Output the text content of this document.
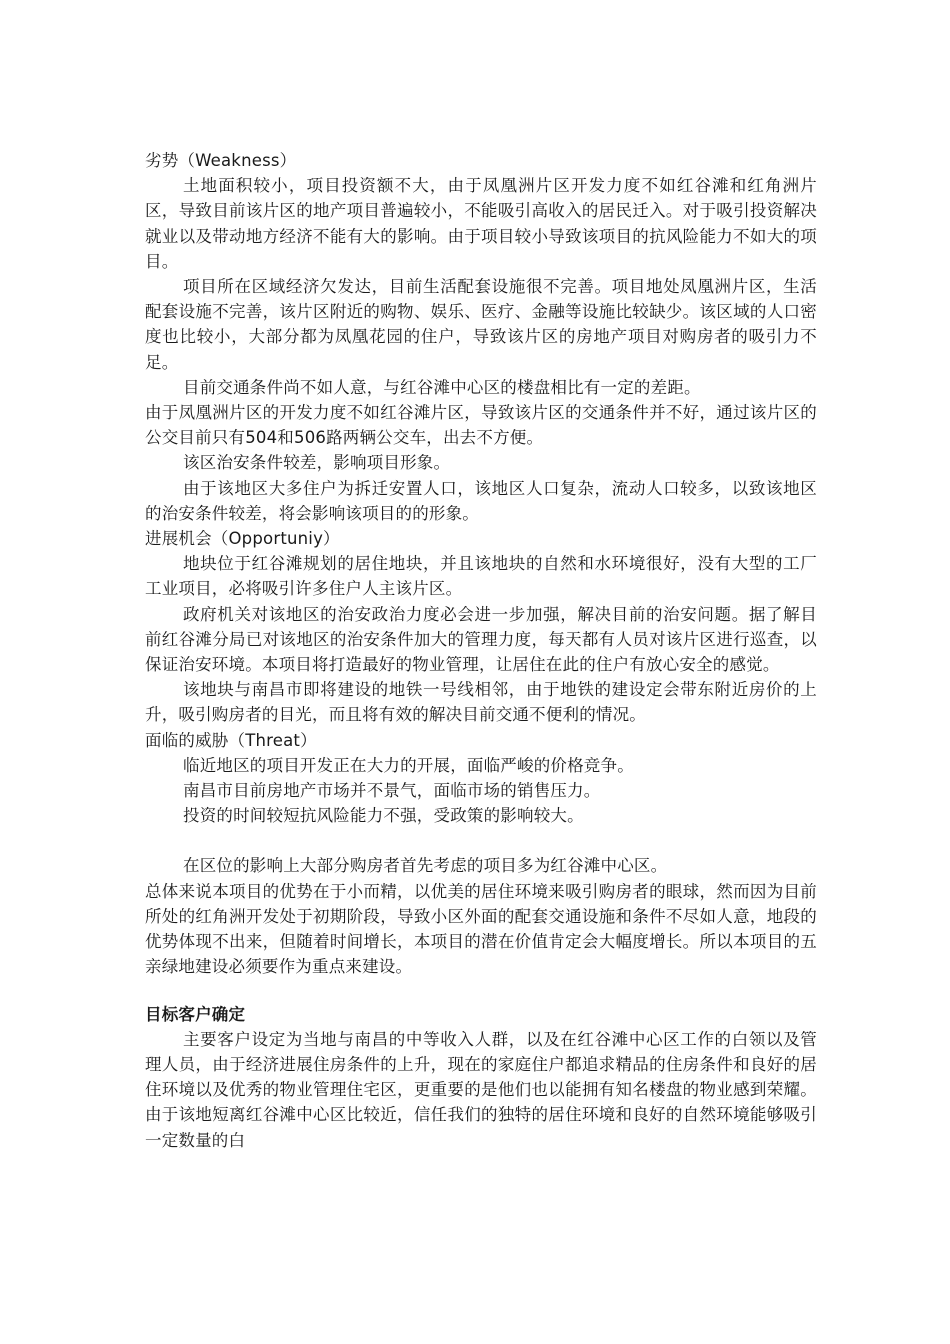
劣势（Weakness）

土地面积较小，项目投资额不大，由于凤凰洲片区开发力度不如红谷滩和红角洲片区，导致目前该片区的地产项目普遍较小，不能吸引高收入的居民迁入。对于吸引投资解决就业以及带动地方经济不能有大的影响。由于项目较小导致该项目的抗风险能力不如大的项目。

项目所在区域经济欠发达，目前生活配套设施很不完善。项目地处凤凰洲片区，生活配套设施不完善，该片区附近的购物、娱乐、医疗、金融等设施比较缺少。该区域的人口密度也比较小，大部分都为凤凰花园的住户，导致该片区的房地产项目对购房者的吸引力不足。

目前交通条件尚不如人意，与红谷滩中心区的楼盘相比有一定的差距。

由于凤凰洲片区的开发力度不如红谷滩片区，导致该片区的交通条件并不好，通过该片区的公交目前只有504和506路两辆公交车，出去不方便。

该区治安条件较差，影响项目形象。

由于该地区大多住户为拆迁安置人口，该地区人口复杂，流动人口较多，以致该地区的治安条件较差，将会影响该项目的的形象。

进展机会（Opportuniy）

地块位于红谷滩规划的居住地块，并且该地块的自然和水环境很好，没有大型的工厂工业项目，必将吸引许多住户人主该片区。

政府机关对该地区的治安政治力度必会进一步加强，解决目前的治安问题。据了解目前红谷滩分局已对该地区的治安条件加大的管理力度，每天都有人员对该片区进行巡查，以保证治安环境。本项目将打造最好的物业管理，让居住在此的住户有放心安全的感觉。

该地块与南昌市即将建设的地铁一号线相邻，由于地铁的建设定会带东附近房价的上升，吸引购房者的目光，而且将有效的解决目前交通不便利的情况。

面临的威胁（Threat）

临近地区的项目开发正在大力的开展，面临严峻的价格竞争。

南昌市目前房地产市场并不景气，面临市场的销售压力。

投资的时间较短抗风险能力不强，受政策的影响较大。

在区位的影响上大部分购房者首先考虑的项目多为红谷滩中心区。

总体来说本项目的优势在于小而精，以优美的居住环境来吸引购房者的眼球，然而因为目前所处的红角洲开发处于初期阶段，导致小区外面的配套交通设施和条件不尽如人意，地段的优势体现不出来，但随着时间增长，本项目的潜在价值肯定会大幅度增长。所以本项目的五亲绿地建设必须要作为重点来建设。

目标客户确定

主要客户设定为当地与南昌的中等收入人群，以及在红谷滩中心区工作的白领以及管理人员，由于经济进展住房条件的上升，现在的家庭住户都追求精品的住房条件和良好的居住环境以及优秀的物业管理住宅区，更重要的是他们也以能拥有知名楼盘的物业感到荣耀。由于该地短离红谷滩中心区比较近，信任我们的独特的居住环境和良好的自然环境能够吸引一定数量的白
